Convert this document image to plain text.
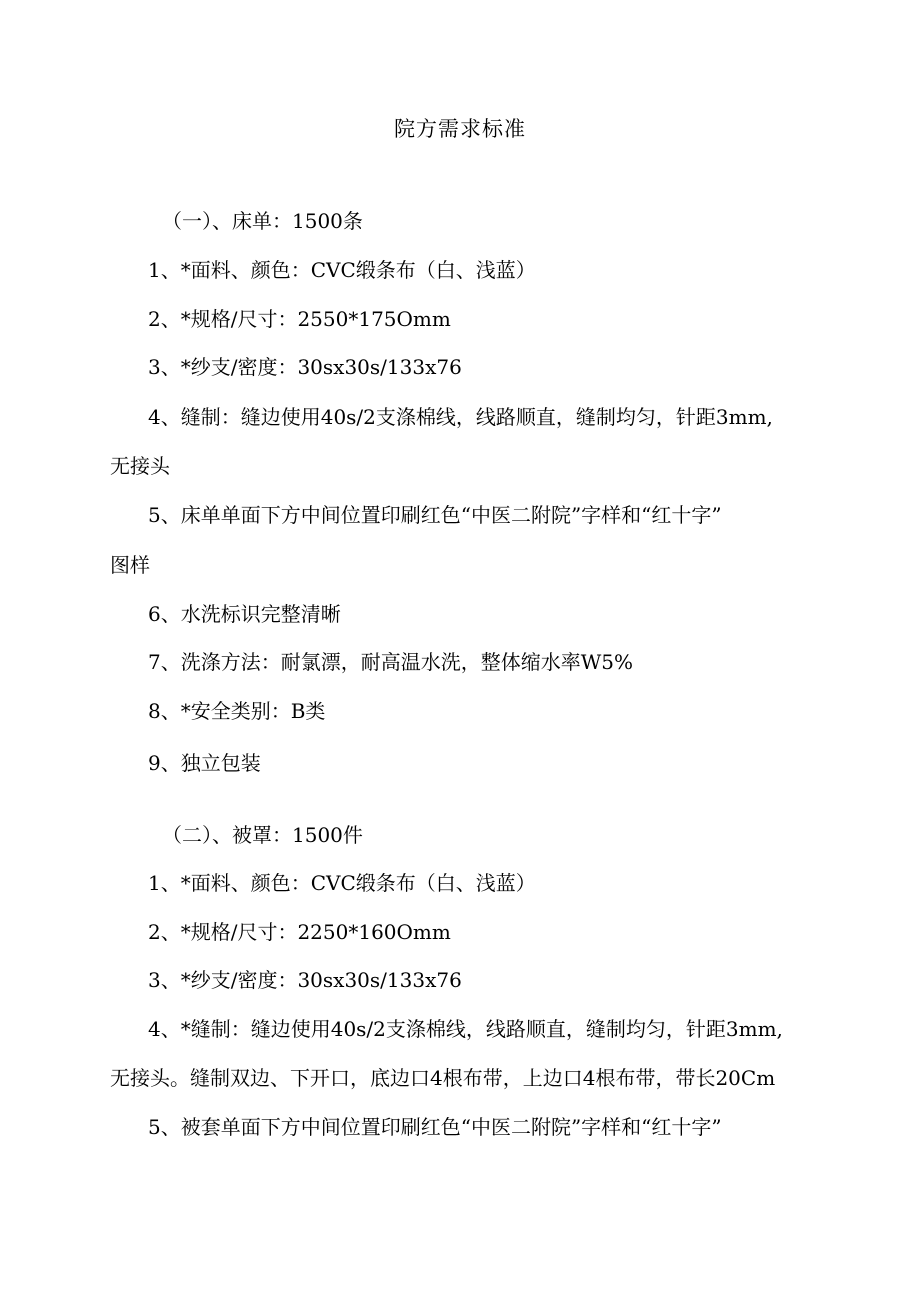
院方需求标准
（一）、床单：1500条
1、*面料、颜色：CVC缎条布（白、浅蓝）
2、*规格/尺寸：2550*175Omm
3、*纱支/密度：30sx30s/133x76
4、缝制：缝边使用40s/2支涤棉线，线路顺直，缝制均匀，针距3mm,
无接头
5、床单单面下方中间位置印刷红色“中医二附院”字样和“红十字”
图样
6、水洗标识完整清晰
7、洗涤方法：耐氯漂，耐高温水洗，整体缩水率W5%
8、*安全类别：B类
9、独立包装
（二）、被罩：1500件
1、*面料、颜色：CVC缎条布（白、浅蓝）
2、*规格/尺寸：2250*160Omm
3、*纱支/密度：30sx30s/133x76
4、*缝制：缝边使用40s/2支涤棉线，线路顺直，缝制均匀，针距3mm,
无接头。缝制双边、下开口，底边口4根布带，上边口4根布带，带长20Cm
5、被套单面下方中间位置印刷红色“中医二附院”字样和“红十字”
